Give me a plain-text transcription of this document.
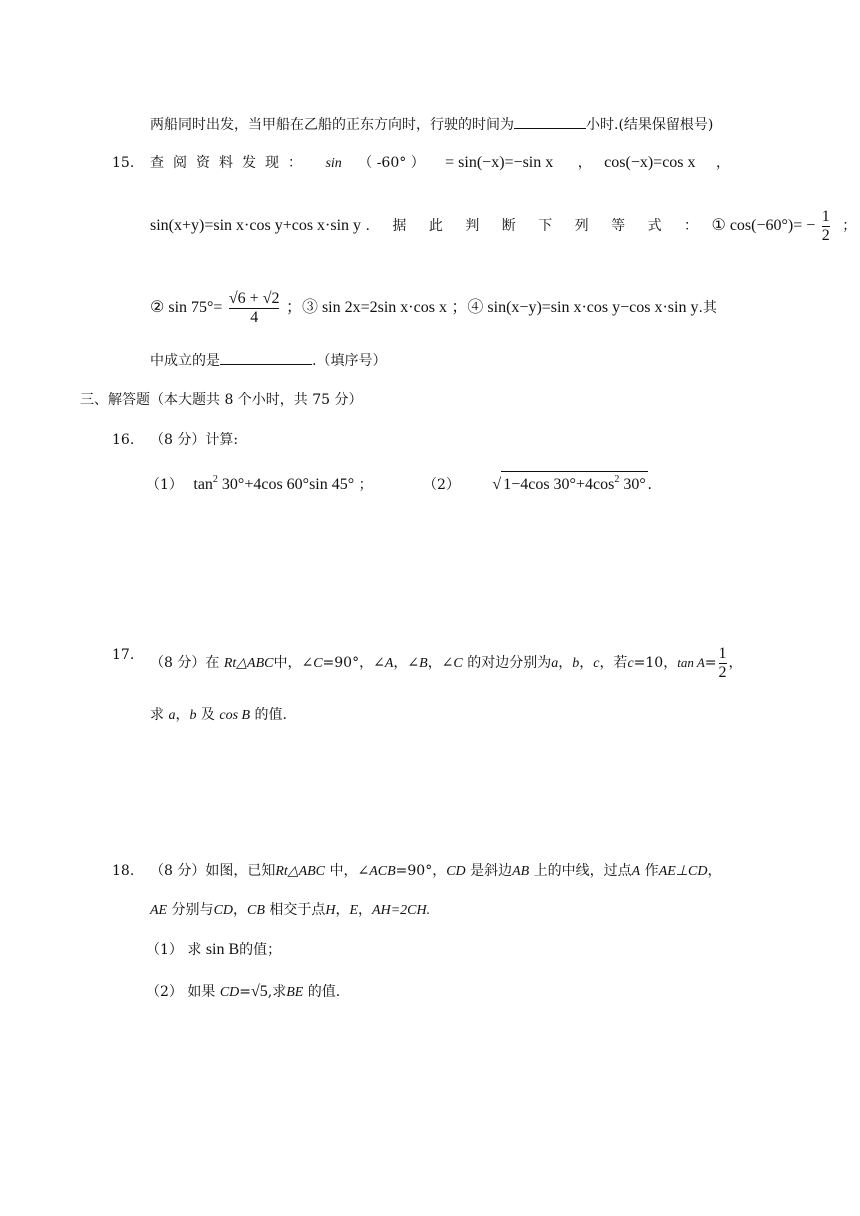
两船同时出发，当甲船在乙船的正东方向时，行驶的时间为	小时.(结果保留根号)
15. 查阅资料发现： sin （ -60° ） = sin(−x)=−sin x ， cos(−x)=cos x ，
sin(x+y)=sin x·cos y+cos x·sin y . 据 此 判 断 下 列 等 式 ： ① $\cos(-60^\circ)= - \frac{1}{2}$ ；
② $\sin 75^\circ= \frac{√6 + √2}{4}$ ；③ sin 2x=2sin x·cos x ；④ sin(x−y)=sin x·cos y−cos x·sin y.其
中成立的是	.（填序号）
三、解答题（本大题共 8 个小时，共 75 分）
16. （8 分）计算:
（1） $\tan^2 30^\circ+4\cos$ 60°sin 45° ；	（2） √ 1−4cos $30^\circ+4\cos^2$ 30° .
17. （8 分）在 Rt△ABC中，∠C=90°，∠A，∠B，∠C 的对边分别为a，b，c，若c=10，$\tan A= \frac{1}{2}$ ，
求 a，b 及 cos B 的值.
18. （8 分）如图，已知Rt△ABC 中，∠ACB=90°，CD 是斜边AB 上的中线，过点A 作AE⊥CD，
AE 分别与CD，CB 相交于点H，E，AH=2CH.
（1） 求 sin B的值；
（2） 如果 CD=√5,求BE 的值.
